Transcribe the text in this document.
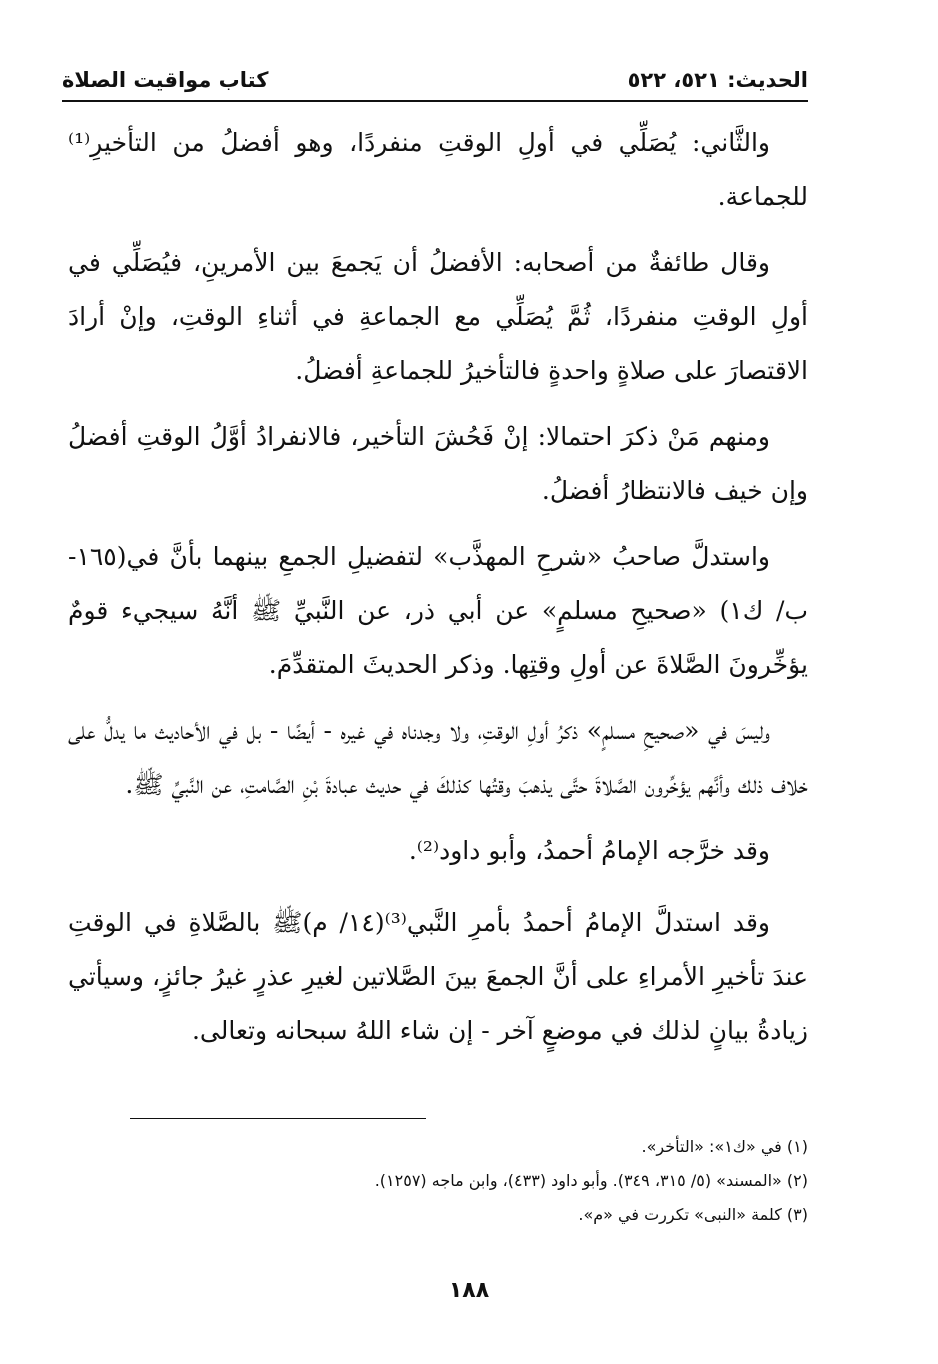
الحديث: ٥٢١، ٥٢٢
كتاب مواقيت الصلاة

والثَّاني: يُصَلِّي في أولِ الوقتِ منفردًا، وهو أفضلُ من التأخيرِ⁽¹⁾ للجماعة.

وقال طائفةٌ من أصحابه: الأفضلُ أن يَجمعَ بين الأمرينِ، فيُصَلِّي في أولِ الوقتِ منفردًا، ثُمَّ يُصَلِّي مع الجماعةِ في أثناءِ الوقتِ، وإنْ أرادَ الاقتصارَ على صلاةٍ واحدةٍ فالتأخيرُ للجماعةِ أفضلُ.

ومنهم مَنْ ذكرَ احتمالا: إنْ فَحُشَ التأخير، فالانفرادُ أوَّلُ الوقتِ أفضلُ وإن خيف فالانتظارُ أفضلُ.

واستدلَّ صاحبُ «شرحِ المهذَّب» لتفضيلِ الجمعِ بينهما بأنَّ في(١٦٥- ب/ ك١) «صحيحِ مسلمٍ» عن أبي ذر، عن النَّبيِّ ﷺ أنَّهُ سيجيء قومٌ يؤخِّرونَ الصَّلاةَ عن أولِ وقتِها. وذكر الحديثَ المتقدِّمَ.

وليسَ في «صحيحِ مسلمٍ» ذكرُ أولِ الوقتِ، ولا وجدناه في غيره - أيضًا - بل في الأحاديث ما يدلُّ على خلاف ذلك وأنَّهم يؤخِّرون الصَّلاةَ حتَّى يذهبَ وقتُها كذلكَ في حديث عبادةَ بْنِ الصَّامتِ، عن النَّبيِّ ﷺ.

وقد خرَّجه الإمامُ أحمدُ، وأبو داود⁽²⁾.

وقد استدلَّ الإمامُ أحمدُ بأمرِ النَّبي⁽³⁾(١٤/ م)ﷺ بالصَّلاةِ في الوقتِ عندَ تأخيرِ الأمراءِ على أنَّ الجمعَ بينَ الصَّلاتين لغيرِ عذرٍ غيرُ جائزٍ، وسيأتي زيادةُ بيانٍ لذلك في موضعٍ آخر - إن شاء اللهُ سبحانه وتعالى.

(١) في «ك١»: «التأخر».
(٢) «المسند» (٥/ ٣١٥، ٣٤٩). وأبو داود (٤٣٣)، وابن ماجه (١٢٥٧).
(٣) كلمة «النبى» تكررت في «م».
١٨٨
